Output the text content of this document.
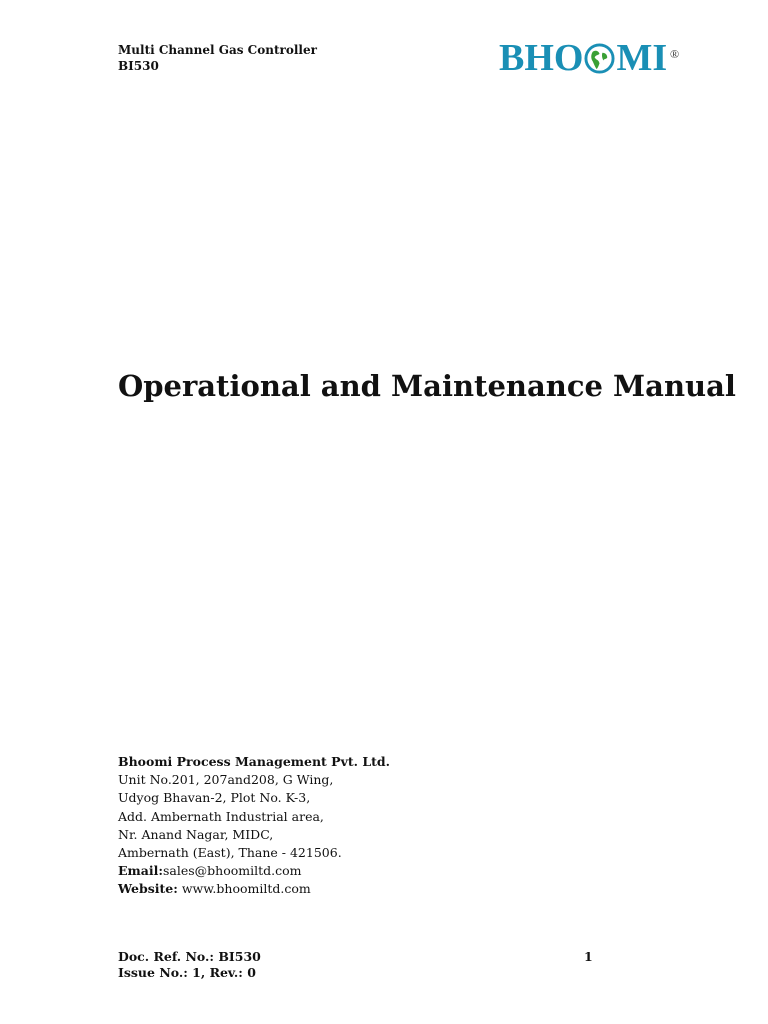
Multi Channel Gas Controller
BI530	BHO MI ®
Operational and Maintenance Manual
Bhoomi Process Management Pvt. Ltd.
Unit No.201, 207and208, G Wing,
Udyog Bhavan-2, Plot No. K-3,
Add. Ambernath Industrial area,
Nr. Anand Nagar, MIDC,
Ambernath (East), Thane - 421506.
Email:sales@bhoomiltd.com
Website: www.bhoomiltd.com
Doc. Ref. No.: BI530
Issue No.: 1, Rev.: 0
1
